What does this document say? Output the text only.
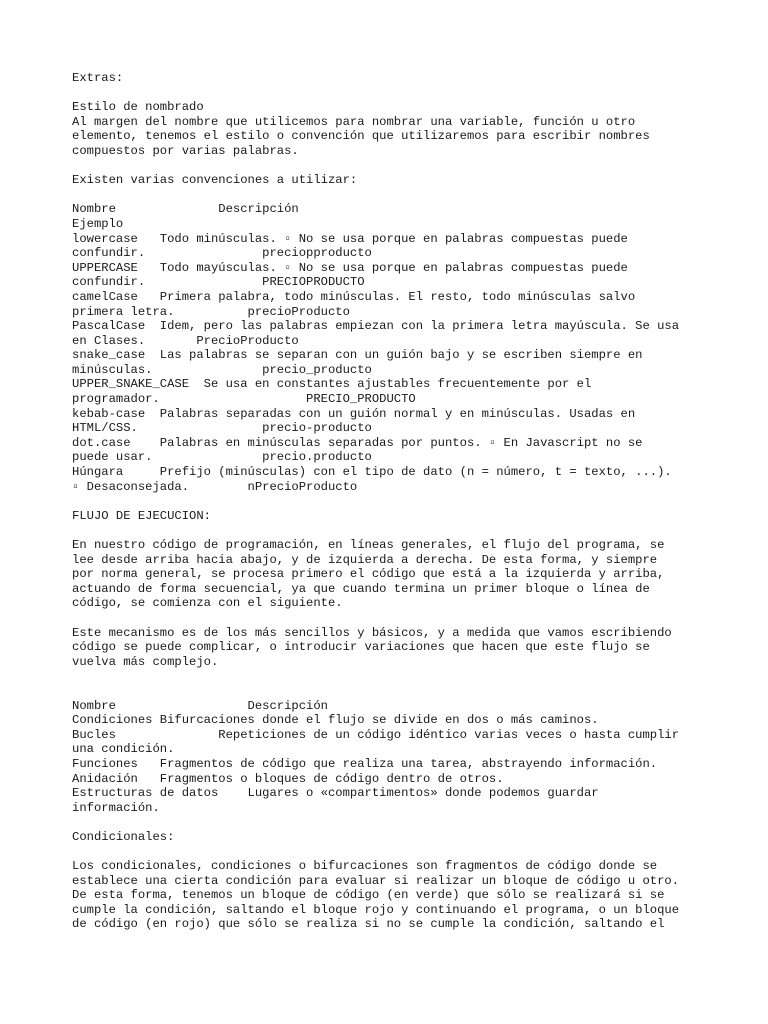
Extras:
Estilo de nombrado
Al margen del nombre que utilicemos para nombrar una variable, función u otro
elemento, tenemos el estilo o convención que utilizaremos para escribir nombres
compuestos por varias palabras.
Existen varias convenciones a utilizar:
Nombre              Descripción
Ejemplo
lowercase   Todo minúsculas. ▫ No se usa porque en palabras compuestas puede
confundir.                preciopproducto
UPPERCASE   Todo mayúsculas. ▫ No se usa porque en palabras compuestas puede
confundir.                PRECIOPRODUCTO
camelCase   Primera palabra, todo minúsculas. El resto, todo minúsculas salvo
primera letra.          precioProducto
PascalCase  Idem, pero las palabras empiezan con la primera letra mayúscula. Se usa
en Clases.       PrecioProducto
snake_case  Las palabras se separan con un guión bajo y se escriben siempre en
minúsculas.               precio_producto
UPPER_SNAKE_CASE  Se usa en constantes ajustables frecuentemente por el
programador.                    PRECIO_PRODUCTO
kebab-case  Palabras separadas con un guión normal y en minúsculas. Usadas en
HTML/CSS.                 precio-producto
dot.case    Palabras en minúsculas separadas por puntos. ▫ En Javascript no se
puede usar.               precio.producto
Húngara     Prefijo (minúsculas) con el tipo de dato (n = número, t = texto, ...).
▫ Desaconsejada.        nPrecioProducto
FLUJO DE EJECUCION:
En nuestro código de programación, en líneas generales, el flujo del programa, se
lee desde arriba hacia abajo, y de izquierda a derecha. De esta forma, y siempre
por norma general, se procesa primero el código que está a la izquierda y arriba,
actuando de forma secuencial, ya que cuando termina un primer bloque o línea de
código, se comienza con el siguiente.
Este mecanismo es de los más sencillos y básicos, y a medida que vamos escribiendo
código se puede complicar, o introducir variaciones que hacen que este flujo se
vuelva más complejo.
Nombre                  Descripción
Condiciones Bifurcaciones donde el flujo se divide en dos o más caminos.
Bucles              Repeticiones de un código idéntico varias veces o hasta cumplir
una condición.
Funciones   Fragmentos de código que realiza una tarea, abstrayendo información.
Anidación   Fragmentos o bloques de código dentro de otros.
Estructuras de datos    Lugares o «compartimentos» donde podemos guardar
información.
Condicionales:
Los condicionales, condiciones o bifurcaciones son fragmentos de código donde se
establece una cierta condición para evaluar si realizar un bloque de código u otro.
De esta forma, tenemos un bloque de código (en verde) que sólo se realizará si se
cumple la condición, saltando el bloque rojo y continuando el programa, o un bloque
de código (en rojo) que sólo se realiza si no se cumple la condición, saltando el
